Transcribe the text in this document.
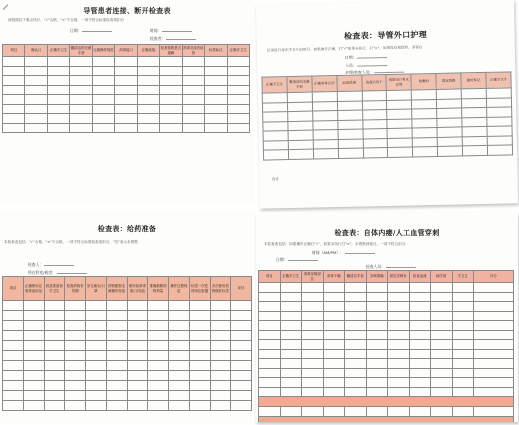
导管患者连接、断开检查表
请按照以下要点执行，"√"合格，"×"不合格，一项不符合标准检查项扣分
日期：	时间：
检查者：
项目	确认口	正确手卫生	戴清洁的无菌手套	无菌操作规范	消毒接口	正确连接	检查管路是否通畅	消毒完成后检查	标签标注	正确手卫生

检查表：导管外口护理
记录进行每次手卫生的项目，如果操作正确，打"√"如果未执行，打"×"，如果没有观察到，请留白
日期：
人员：
护理/检查人员：
正确手卫生	戴清洁的无菌手套	正确消毒方法	消毒范围	消毒后待干	观察出口有无异常	贴敷料	固定管路	做好标记	正确手卫生

合计
检查表：给药准备
本检查表包括："√"合格，"×"不合格，一项不符合标准检查项扣分，"空"表示未观察
检查人：
所在科室/病房：
项目	正确使用注射准备用品	药品准备前手卫生	检查药物有效期	穿无菌衣/口罩	药物配制无菌操作规范	使用前消毒瓶口/安瓿	准确抽吸药物剂量	操作过程规范	标签一次性使用注射器	多次使用药物做好标签	评估

检查表：自体内瘘/人工血管穿刺
本检查表包括：如果操作正确打"√"，如果未执行打"×"，未观察到留白，一项不符合扣分
时间（AM/PM）：
日期：
检查人员：
项目	正确手卫生	消毒穿刺部位	消毒干燥	戴清洁手套	穿刺准确	固定穿刺针	检查血流	摘手套	手卫生	评分
